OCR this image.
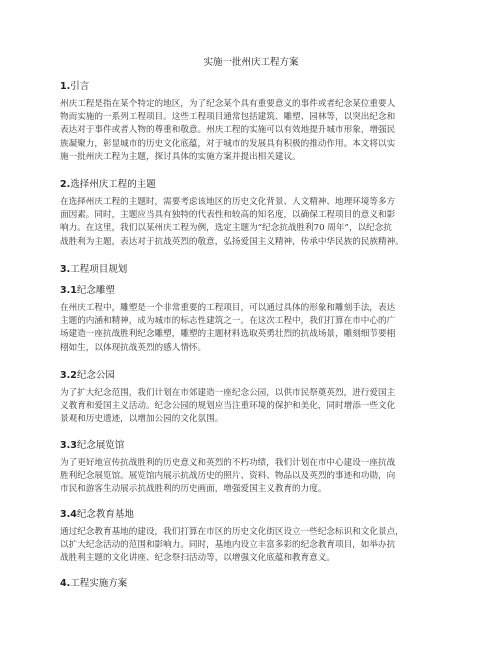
实施一批州庆工程方案
1.引言
州庆工程是指在某个特定的地区，为了纪念某个具有重要意义的事件或者纪念某位重要人
物而实施的一系列工程项目。这些工程项目通常包括建筑、雕塑、园林等，以突出纪念和
表达对于事件或者人物的尊重和敬意。州庆工程的实施可以有效地提升城市形象，增强民
族凝聚力，彰显城市的历史文化底蕴，对于城市的发展具有积极的推动作用。本文将以实
施一批州庆工程为主题，探讨具体的实施方案并提出相关建议。
2.选择州庆工程的主题
在选择州庆工程的主题时，需要考虑该地区的历史文化背景、人文精神、地理环境等多方
面因素。同时，主题应当具有独特的代表性和较高的知名度，以确保工程项目的意义和影
响力。在这里，我们以某州庆工程为例，选定主题为“纪念抗战胜利70 周年”，以纪念抗
战胜利为主题，表达对于抗战英烈的敬意，弘扬爱国主义精神，传承中华民族的民族精神。
3.工程项目规划
3.1纪念雕塑
在州庆工程中，雕塑是一个非常重要的工程项目，可以通过具体的形象和雕刻手法，表达
主题的内涵和精神，成为城市的标志性建筑之一。在这次工程中，我们打算在市中心的广
场建造一座抗战胜利纪念雕塑，雕塑的主题材料选取英勇壮烈的抗战场景，雕刻细节要栩
栩如生，以体现抗战英烈的感人情怀。
3.2纪念公园
为了扩大纪念范围，我们计划在市郊建造一座纪念公园，以供市民祭奠英烈，进行爱国主
义教育和爱国主义活动。纪念公园的规划应当注重环境的保护和美化，同时增添一些文化
景观和历史遗迹，以增加公园的文化氛围。
3.3纪念展览馆
为了更好地宣传抗战胜利的历史意义和英烈的不朽功绩，我们计划在市中心建设一座抗战
胜利纪念展览馆。展览馆内展示抗战历史的照片、资料、物品以及英烈的事迹和功勋，向
市民和游客生动展示抗战胜利的历史画面，增强爱国主义教育的力度。
3.4纪念教育基地
通过纪念教育基地的建设，我们打算在市区的历史文化街区设立一些纪念标识和文化景点，
以扩大纪念活动的范围和影响力。同时，基地内设立丰富多彩的纪念教育项目，如举办抗
战胜利主题的文化讲座、纪念祭扫活动等，以增强文化底蕴和教育意义。
4.工程实施方案
